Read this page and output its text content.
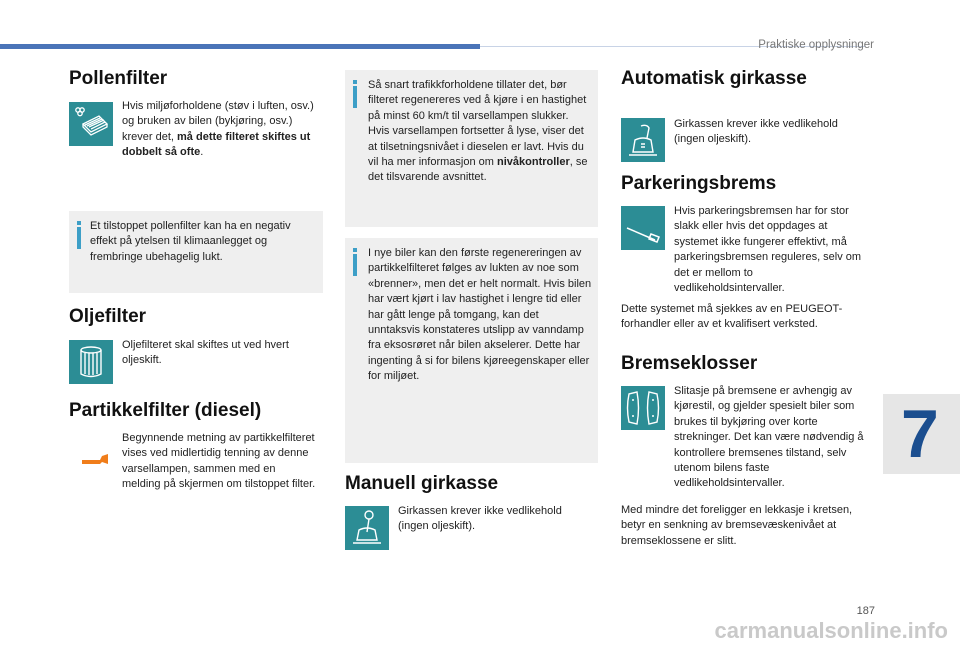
Praktiske opplysninger
Pollenfilter
Hvis miljøforholdene (støv i luften, osv.) og bruken av bilen (bykjøring, osv.) krever det, må dette filteret skiftes ut dobbelt så ofte.
Et tilstoppet pollenfilter kan ha en negativ effekt på ytelsen til klimaanlegget og frembringe ubehagelig lukt.
Oljefilter
Oljefilteret skal skiftes ut ved hvert oljeskift.
Partikkelfilter (diesel)
Begynnende metning av partikkelfilteret vises ved midlertidig tenning av denne varsellampen, sammen med en melding på skjermen om tilstoppet filter.
Så snart trafikkforholdene tillater det, bør filteret regenereres ved å kjøre i en hastighet på minst 60 km/t til varsellampen slukker. Hvis varsellampen fortsetter å lyse, viser det at tilsetningsnivået i dieselen er lavt. Hvis du vil ha mer informasjon om nivåkontroller, se det tilsvarende avsnittet.
I nye biler kan den første regenereringen av partikkelfilteret følges av lukten av noe som «brenner», men det er helt normalt. Hvis bilen har vært kjørt i lav hastighet i lengre tid eller har gått lenge på tomgang, kan det unntaksvis konstateres utslipp av vanndamp fra eksosrøret når bilen akselerer. Dette har ingenting å si for bilens kjøreegenskaper eller for miljøet.
Manuell girkasse
Girkassen krever ikke vedlikehold (ingen oljeskift).
Automatisk girkasse
Girkassen krever ikke vedlikehold (ingen oljeskift).
Parkeringsbrems
Hvis parkeringsbremsen har for stor slakk eller hvis det oppdages at systemet ikke fungerer effektivt, må parkeringsbremsen reguleres, selv om det er mellom to vedlikeholdsintervaller.
Dette systemet må sjekkes av en PEUGEOT-forhandler eller av et kvalifisert verksted.
Bremseklosser
Slitasje på bremsene er avhengig av kjørestil, og gjelder spesielt biler som brukes til bykjøring over korte strekninger. Det kan være nødvendig å kontrollere bremsenes tilstand, selv utenom bilens faste vedlikeholdsintervaller.
Med mindre det foreligger en lekkasje i kretsen, betyr en senkning av bremsevæskenivået at bremseklossene er slitt.
7
187
carmanualsonline.info
